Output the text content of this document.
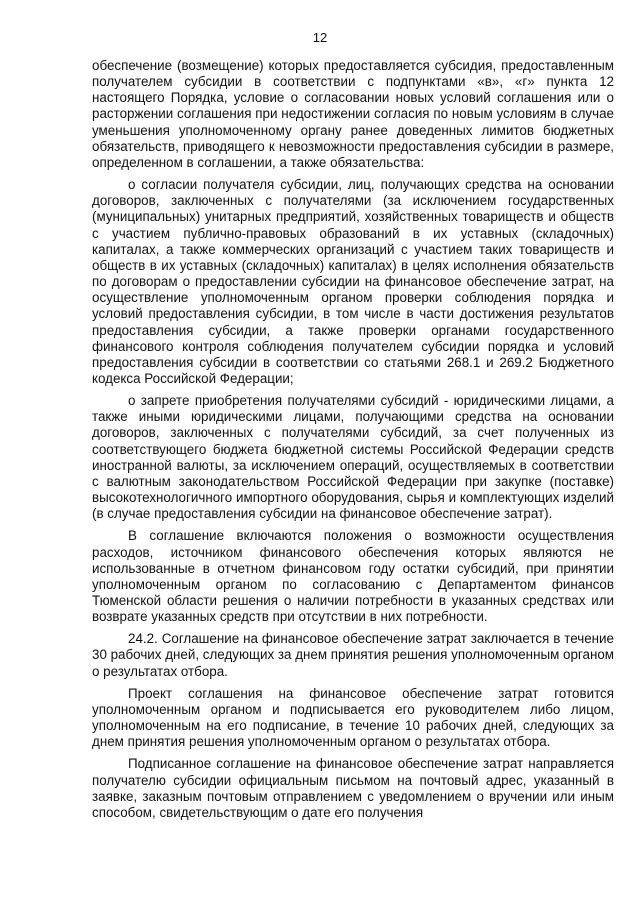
12

обеспечение (возмещение) которых предоставляется субсидия, предоставленным получателем субсидии в соответствии с подпунктами «в», «г» пункта 12 настоящего Порядка, условие о согласовании новых условий соглашения или о расторжении соглашения при недостижении согласия по новым условиям в случае уменьшения уполномоченному органу ранее доведенных лимитов бюджетных обязательств, приводящего к невозможности предоставления субсидии в размере, определенном в соглашении, а также обязательства:

о согласии получателя субсидии, лиц, получающих средства на основании договоров, заключенных с получателями (за исключением государственных (муниципальных) унитарных предприятий, хозяйственных товариществ и обществ с участием публично-правовых образований в их уставных (складочных) капиталах, а также коммерческих организаций с участием таких товариществ и обществ в их уставных (складочных) капиталах) в целях исполнения обязательств по договорам о предоставлении субсидии на финансовое обеспечение затрат, на осуществление уполномоченным органом проверки соблюдения порядка и условий предоставления субсидии, в том числе в части достижения результатов предоставления субсидии, а также проверки органами государственного финансового контроля соблюдения получателем субсидии порядка и условий предоставления субсидии в соответствии со статьями 268.1 и 269.2 Бюджетного кодекса Российской Федерации;

о запрете приобретения получателями субсидий - юридическими лицами, а также иными юридическими лицами, получающими средства на основании договоров, заключенных с получателями субсидий, за счет полученных из соответствующего бюджета бюджетной системы Российской Федерации средств иностранной валюты, за исключением операций, осуществляемых в соответствии с валютным законодательством Российской Федерации при закупке (поставке) высокотехнологичного импортного оборудования, сырья и комплектующих изделий (в случае предоставления субсидии на финансовое обеспечение затрат).

В соглашение включаются положения о возможности осуществления расходов, источником финансового обеспечения которых являются не использованные в отчетном финансовом году остатки субсидий, при принятии уполномоченным органом по согласованию с Департаментом финансов Тюменской области решения о наличии потребности в указанных средствах или возврате указанных средств при отсутствии в них потребности.

24.2. Соглашение на финансовое обеспечение затрат заключается в течение 30 рабочих дней, следующих за днем принятия решения уполномоченным органом о результатах отбора.

Проект соглашения на финансовое обеспечение затрат готовится уполномоченным органом и подписывается его руководителем либо лицом, уполномоченным на его подписание, в течение 10 рабочих дней, следующих за днем принятия решения уполномоченным органом о результатах отбора.

Подписанное соглашение на финансовое обеспечение затрат направляется получателю субсидии официальным письмом на почтовый адрес, указанный в заявке, заказным почтовым отправлением с уведомлением о вручении или иным способом, свидетельствующим о дате его получения
